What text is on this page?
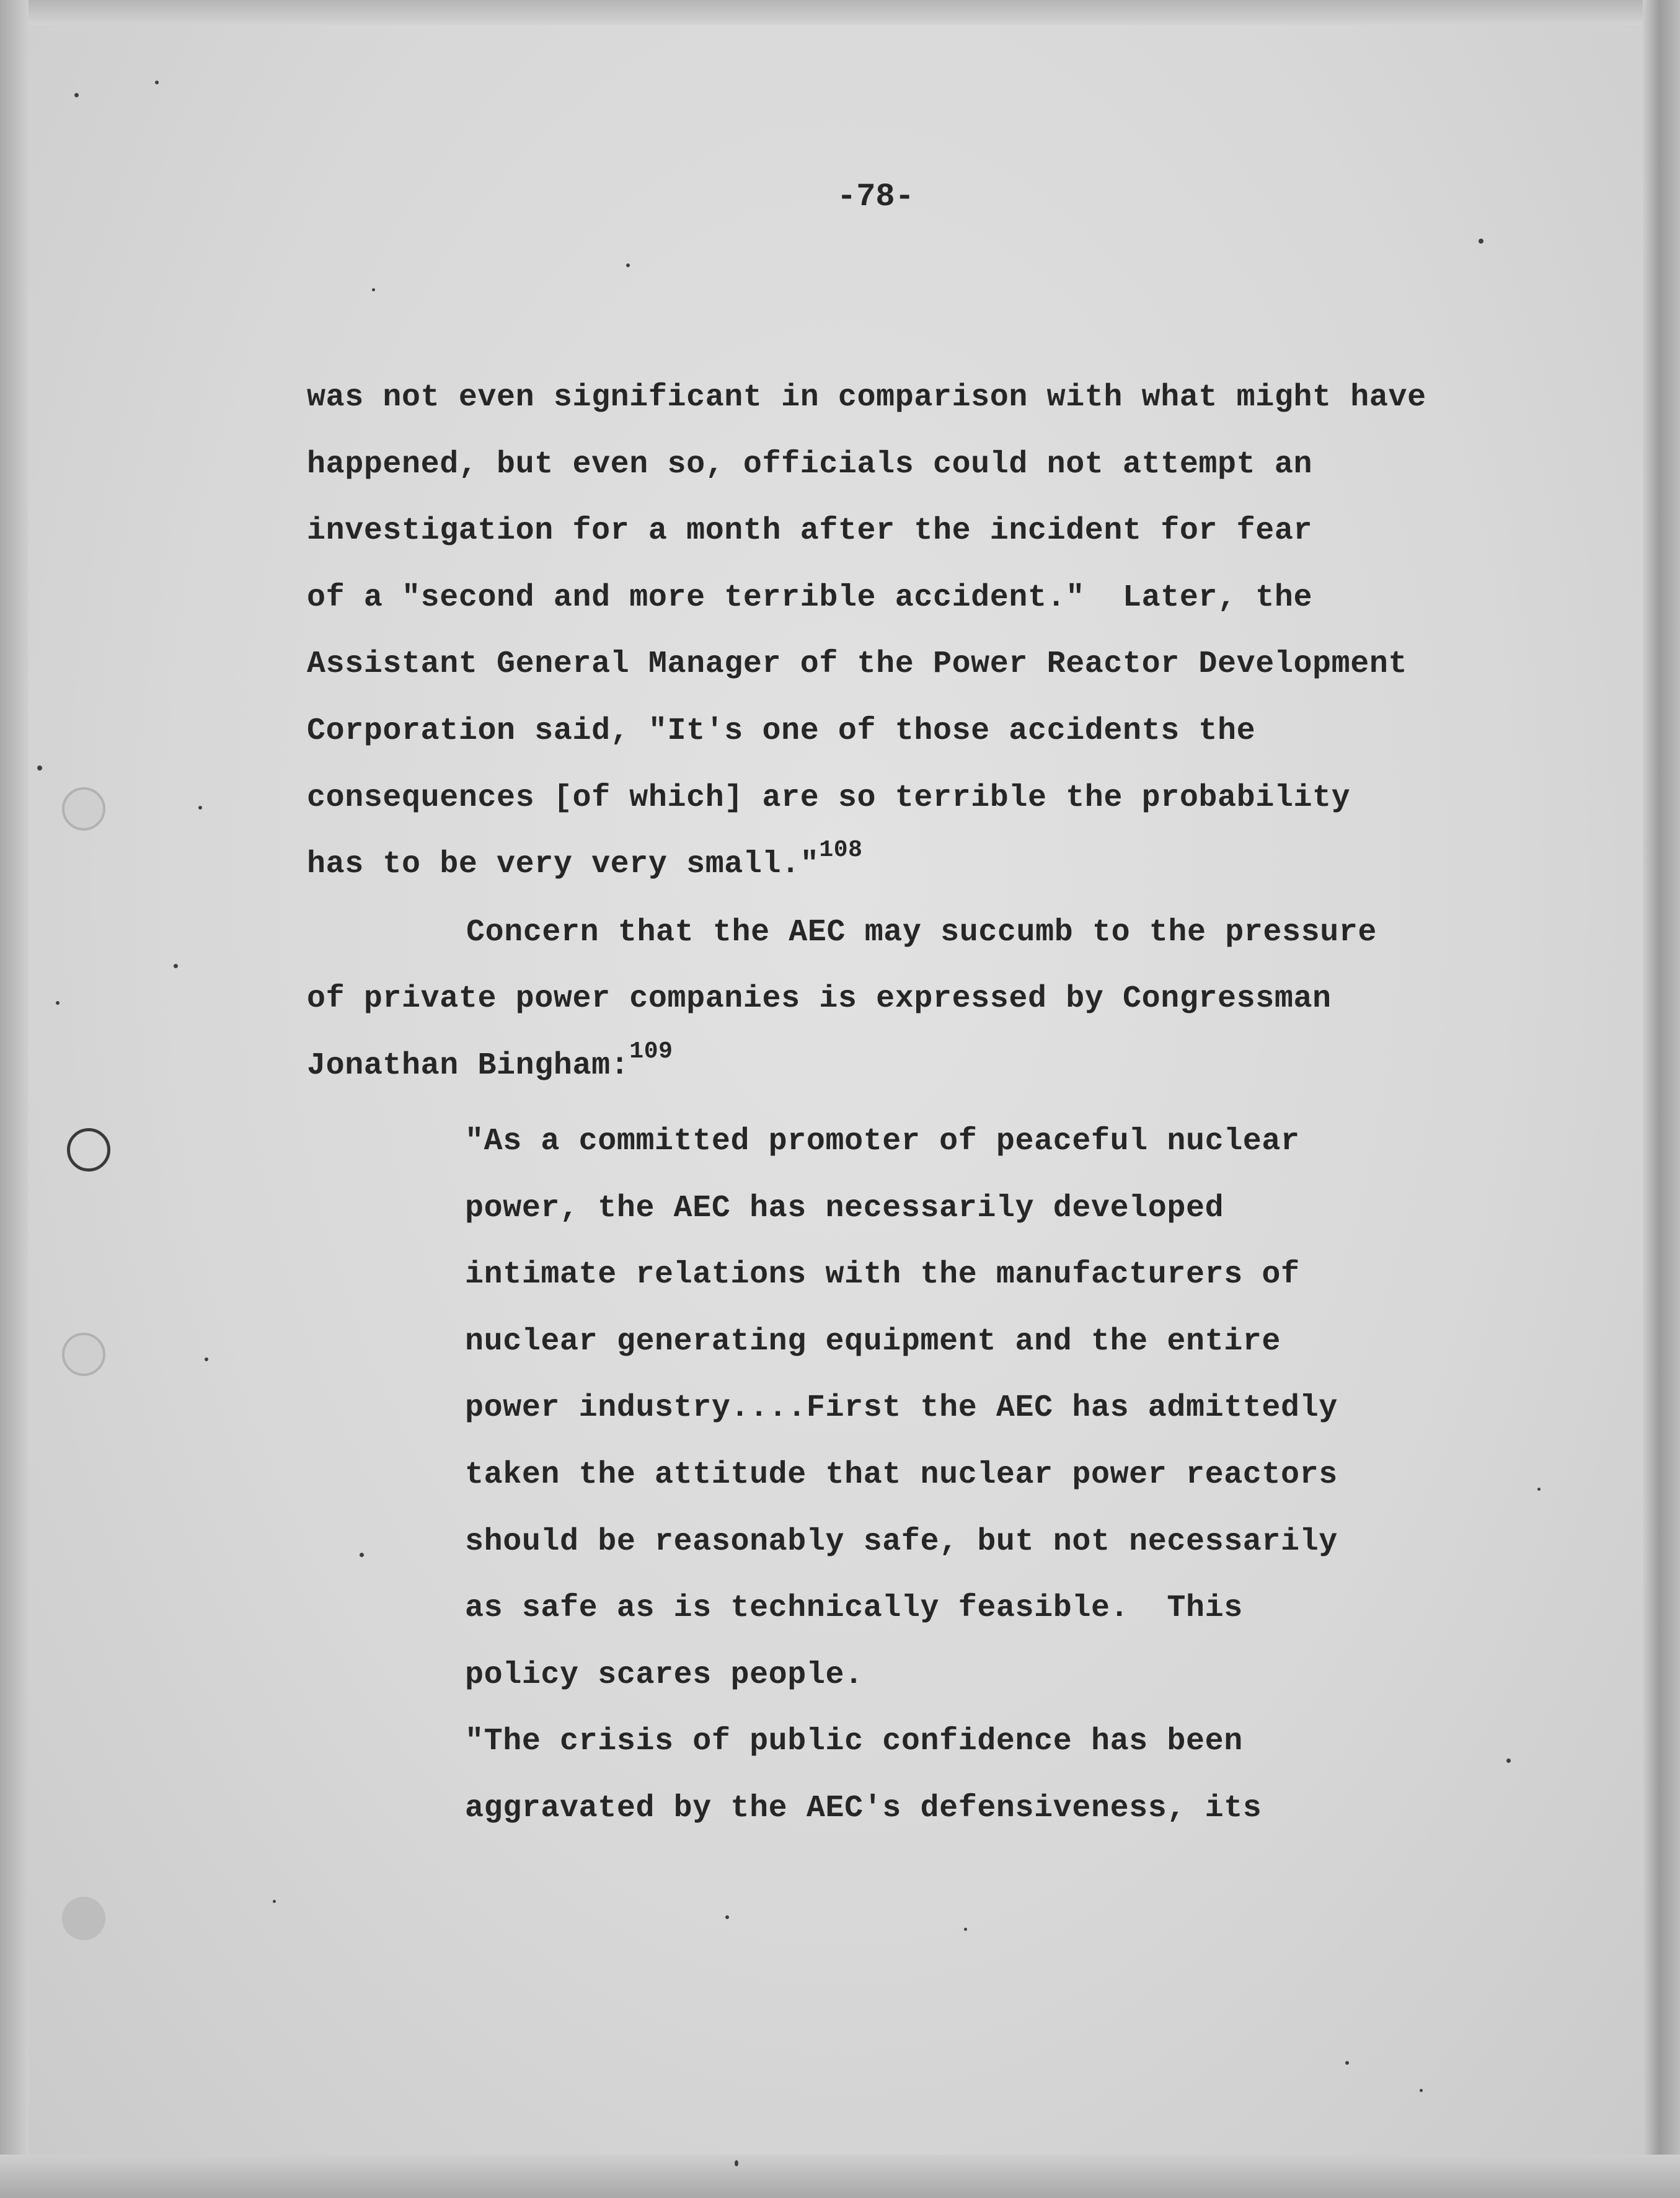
-78-

was not even significant in comparison with what might have

happened, but even so, officials could not attempt an

investigation for a month after the incident for fear

of a "second and more terrible accident."  Later, the

Assistant General Manager of the Power Reactor Development

Corporation said, "It's one of those accidents the

consequences [of which] are so terrible the probability

has to be very very small."$^{108}$

Concern that the AEC may succumb to the pressure

of private power companies is expressed by Congressman

Jonathan Bingham:$^{109}$

"As a committed promoter of peaceful nuclear

power, the AEC has necessarily developed

intimate relations with the manufacturers of

nuclear generating equipment and the entire

power industry....First the AEC has admittedly

taken the attitude that nuclear power reactors

should be reasonably safe, but not necessarily

as safe as is technically feasible.  This

policy scares people.

"The crisis of public confidence has been

aggravated by the AEC's defensiveness, its
